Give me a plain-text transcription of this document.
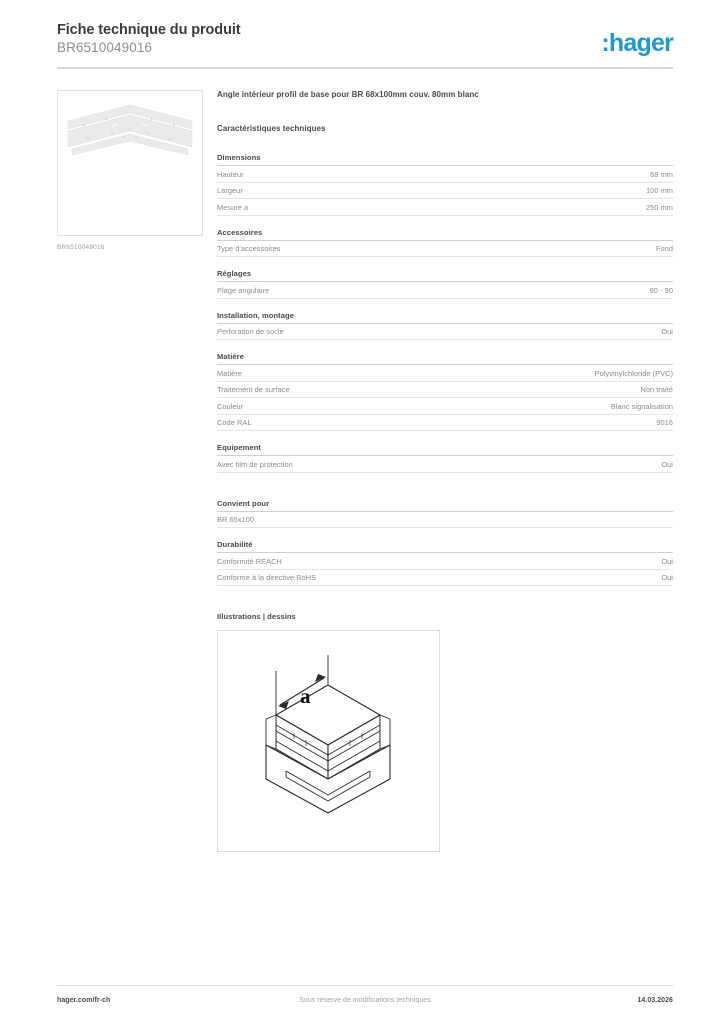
Fiche technique du produit
BR6510049016	:hager
BR6510049016
Angle intérieur profil de base pour BR 68x100mm couv. 80mm blanc
Caractéristiques techniques
Dimensions
Hauteur	68 mm
Largeur	100 mm
Mesure a	250 mm
Accessoires
Type d'accessoires	Fond
Réglages
Plage angulaire	90 - 90
Installation, montage
Perforation de socle	Oui
Matière
Matière	Polyvinylchloride (PVC)
Traitement de surface	Non traité
Couleur	Blanc signalisation
Code RAL	9016
Equipement
Avec film de protection	Oui
Convient pour
BR 65x100
Durabilité
Conformité REACH	Oui
Conforme à la directive RoHS	Oui
Illustrations | dessins
a
hager.com/fr-ch	Sous réserve de modifications techniques	14.03.2026
